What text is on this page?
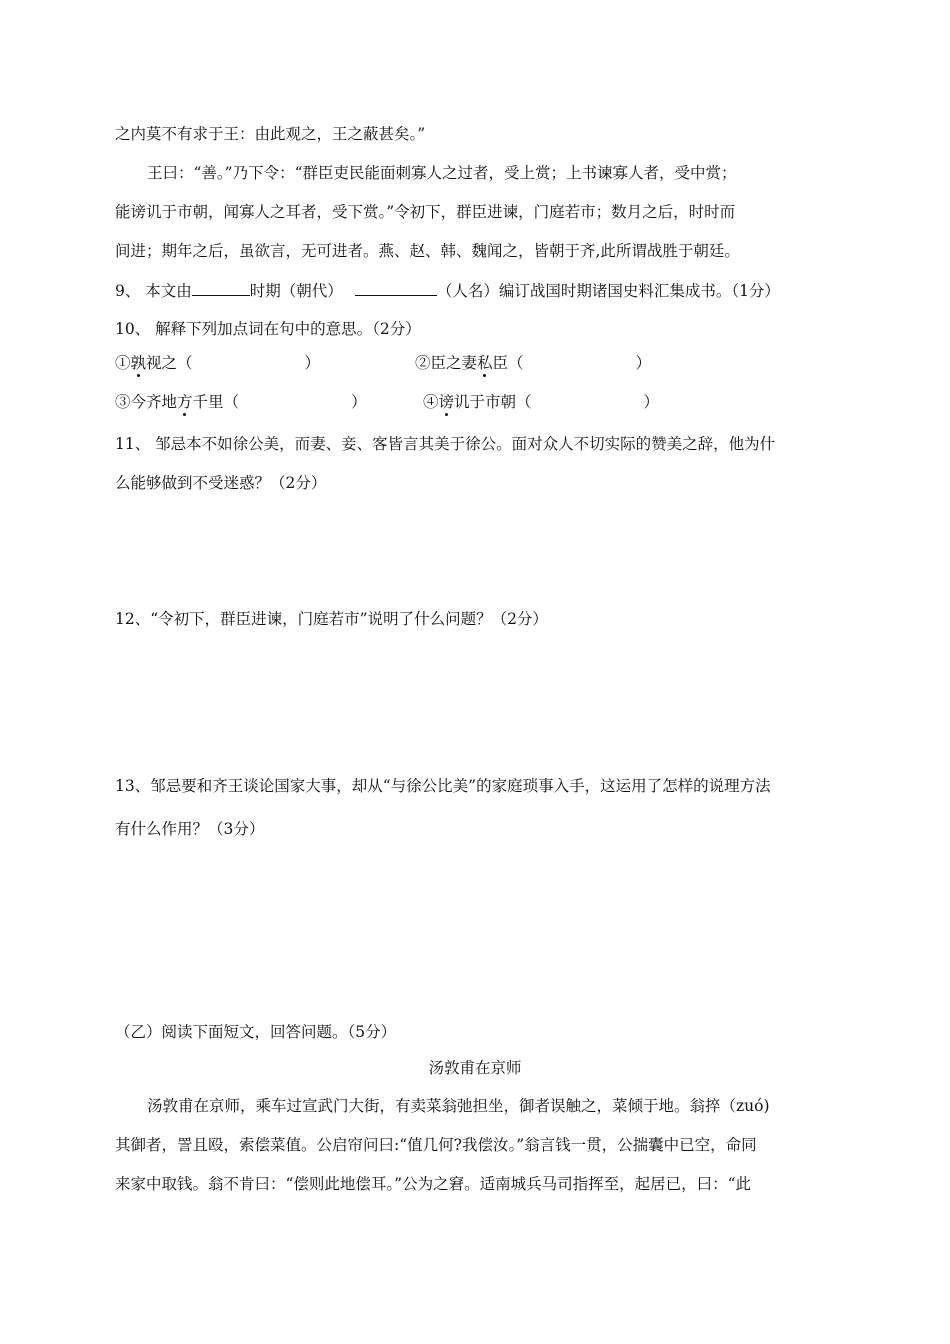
之内莫不有求于王：由此观之，王之蔽甚矣。”
王曰：“善。”乃下令：“群臣吏民能面刺寡人之过者，受上赏；上书谏寡人者，受中赏；
能谤讥于市朝，闻寡人之耳者，受下赏。”令初下，群臣进谏，门庭若市；数月之后，时时而
间进；期年之后，虽欲言，无可进者。燕、赵、韩、魏闻之，皆朝于齐,此所谓战胜于朝廷。
9、 本文由	时期（朝代）	（人名）编订战国时期诸国史料汇集成书。（1分）
10、 解释下列加点词在句中的意思。（2分）
①孰视之（	）	②臣之妻私臣（	）
③今齐地方千里（	）	④谤讥于市朝（	）
11、 邹忌本不如徐公美，而妻、妾、客皆言其美于徐公。面对众人不切实际的赞美之辞，他为什
么能够做到不受迷惑？（2分）
12、“令初下，群臣进谏，门庭若市”说明了什么问题？（2分）
13、邹忌要和齐王谈论国家大事，却从“与徐公比美”的家庭琐事入手，这运用了怎样的说理方法
有什么作用？（3分）
（乙）阅读下面短文，回答问题。（5分）
汤敦甫在京师
汤敦甫在京师，乘车过宣武门大街，有卖菜翁弛担坐，御者误触之，菜倾于地。翁捽（zuó)
其御者，詈且殴，索偿菜值。公启帘问曰:“值几何?我偿汝。”翁言钱一贯，公揣囊中已空，命同
来家中取钱。翁不肯曰：“偿则此地偿耳。”公为之窘。适南城兵马司指挥至，起居已，曰：“此
